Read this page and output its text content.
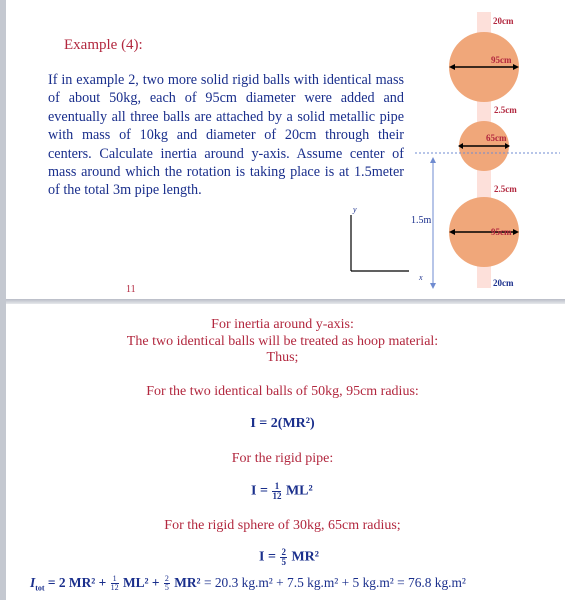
Example (4):
If in example 2, two more solid rigid balls with identical mass of about 50kg, each of 95cm diameter were added and eventually all three balls are attached by a solid metallic pipe with mass of 10kg and diameter of 20cm through their centers. Calculate inertia around y-axis. Assume center of mass around which the rotation is taking place is at 1.5meter of the total 3m pipe length.
11
20cm
95cm
2.5cm
65cm
2.5cm
95cm
20cm
1.5m
y
x
For inertia around y-axis:
The two identical balls will be treated as hoop material:
Thus;
For the two identical balls of 50kg, 95cm radius:
I = 2(MR²)
For the rigid pipe:
$I = \frac{1}{12} ML^2$
For the rigid sphere of 30kg, 65cm radius;
$I = \frac{2}{5} MR^2$
$I_{tot} = 2$ $MR^2 + \frac{1}{12} ML^2 + \frac{2}{5} MR^2 = 20.3$ kg.m² + 7.5 kg.m² + 5 kg.m² = 76.8 kg.m²
